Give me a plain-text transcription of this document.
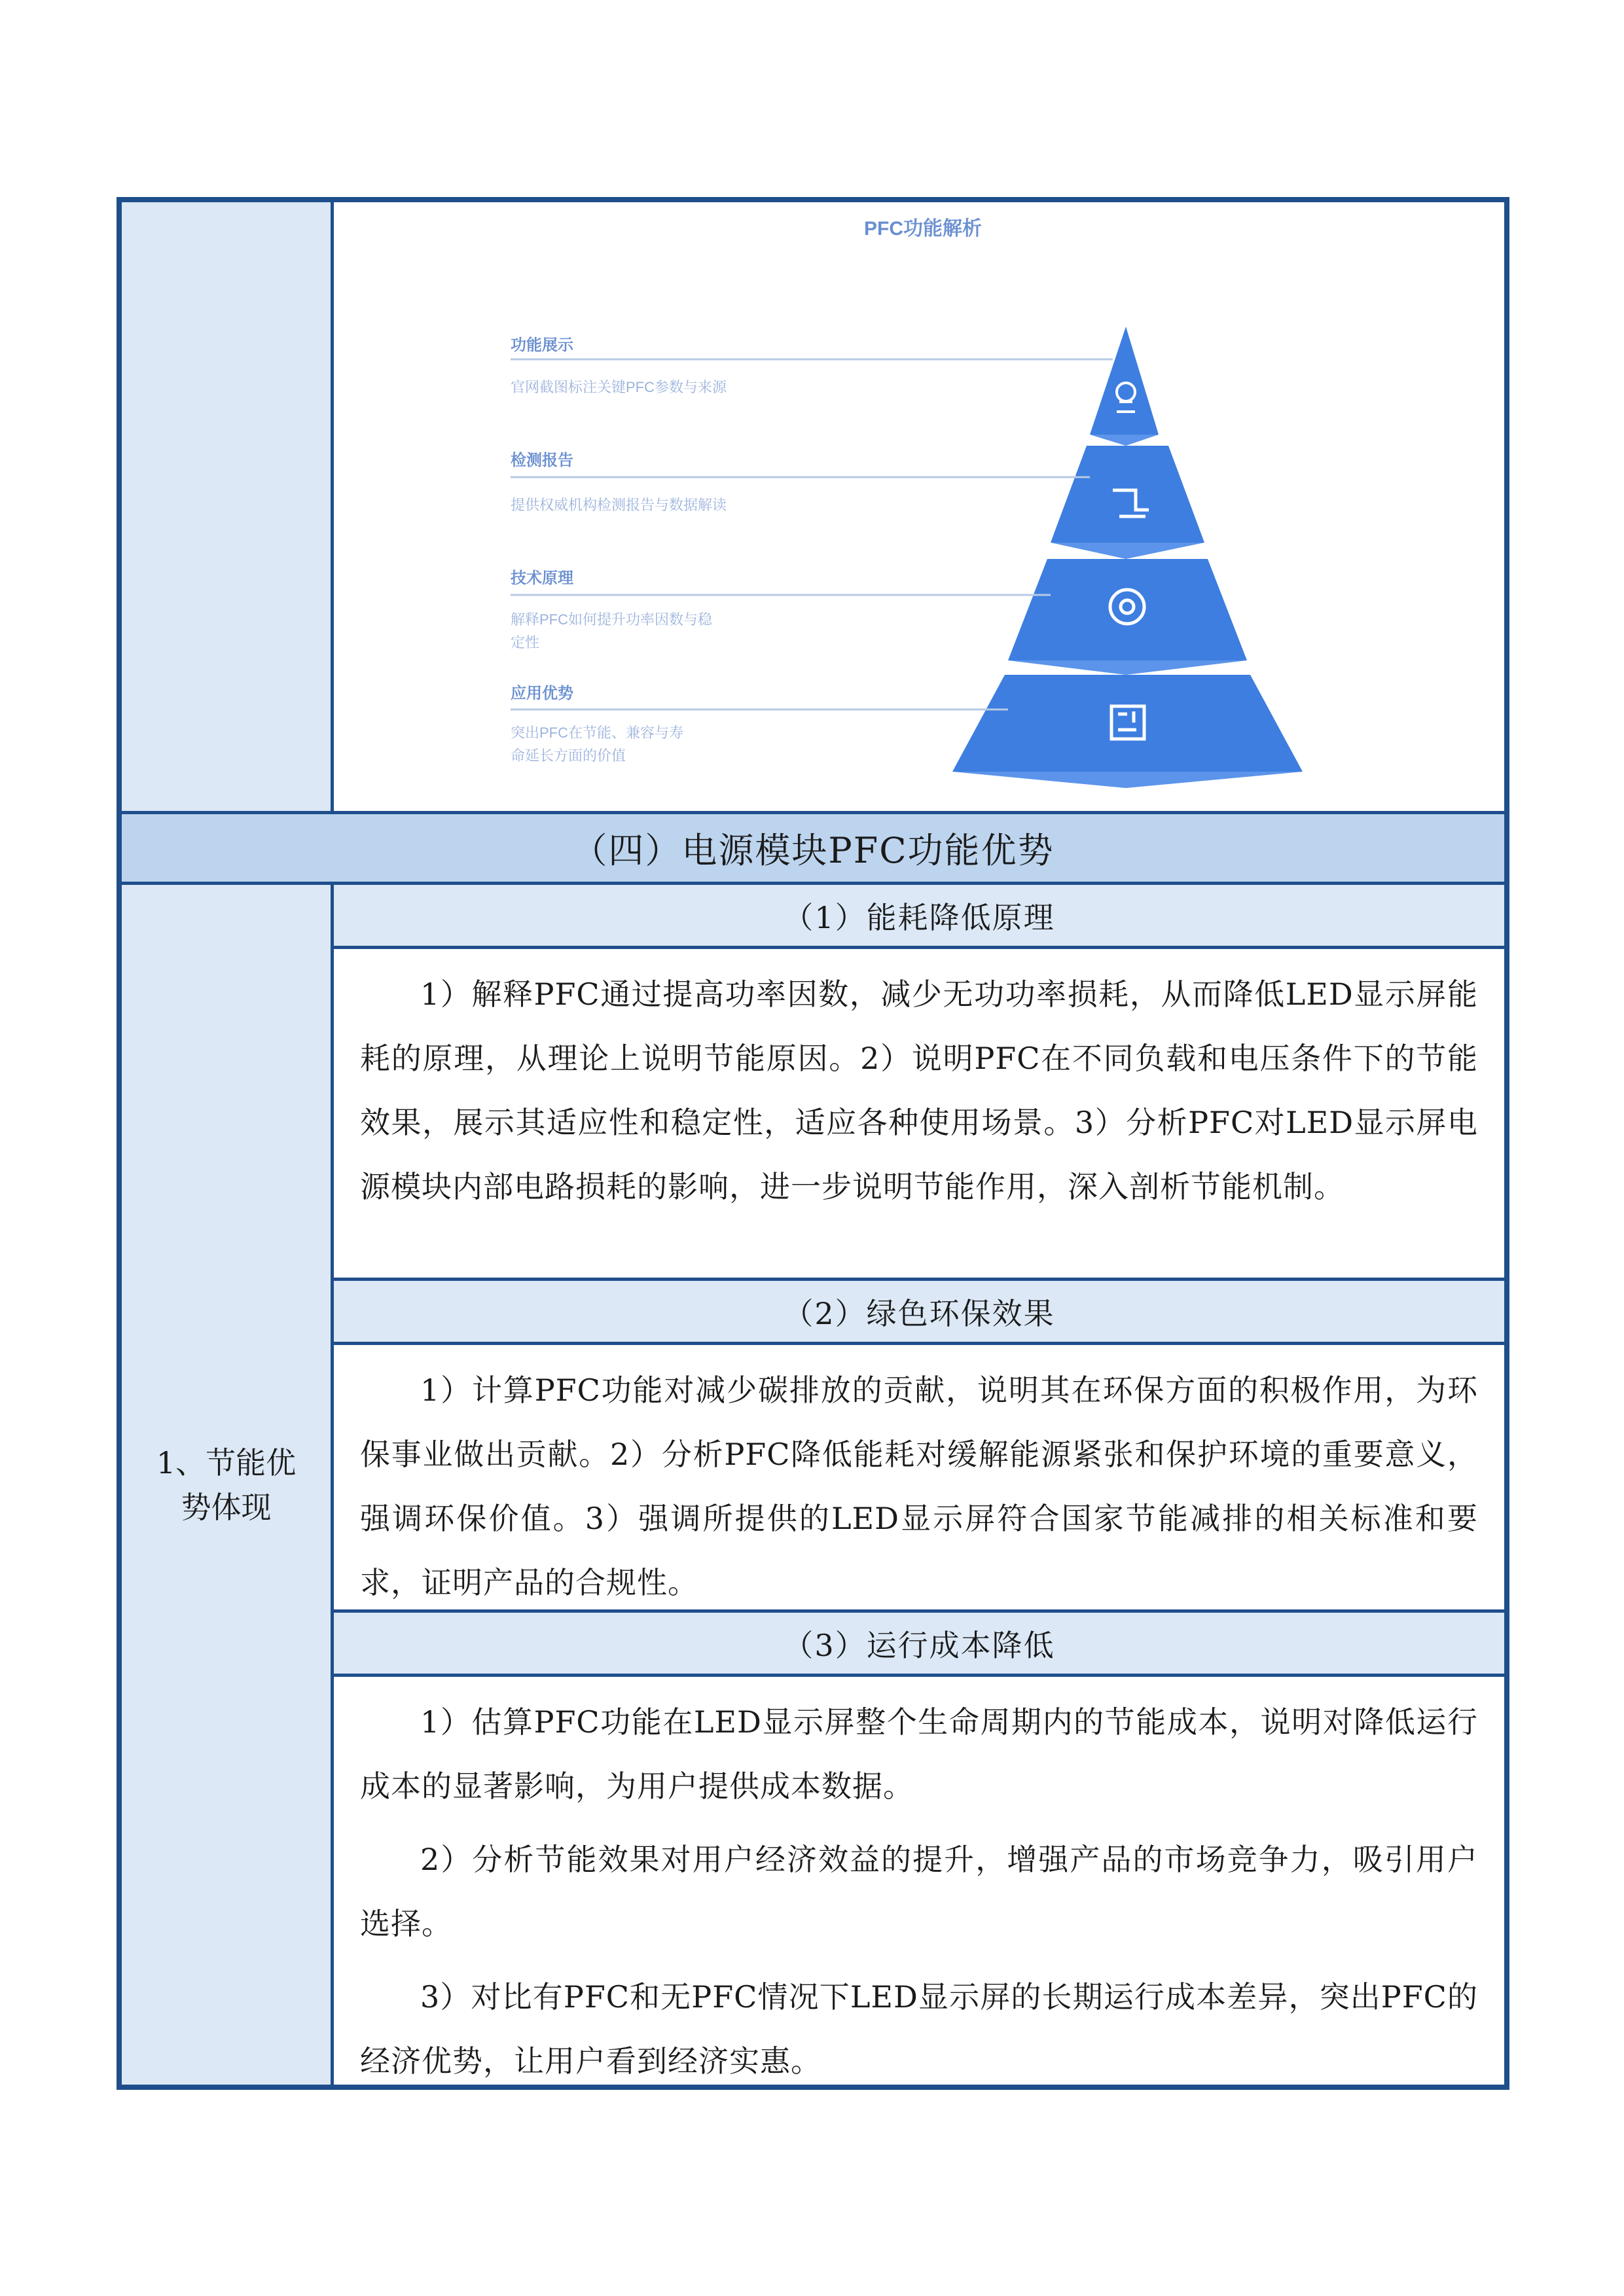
PFC功能解析
功能展示
官网截图标注关键PFC参数与来源
检测报告
提供权威机构检测报告与数据解读
技术原理
解释PFC如何提升功率因数与稳
定性
应用优势
突出PFC在节能、兼容与寿
命延长方面的价值
（四）电源模块PFC功能优势
1、节能优势体现
（1）能耗降低原理

1）解释PFC通过提高功率因数，减少无功功率损耗，从而降低LED显示屏能耗的原理，从理论上说明节能原因。2）说明PFC在不同负载和电压条件下的节能效果，展示其适应性和稳定性，适应各种使用场景。3）分析PFC对LED显示屏电源模块内部电路损耗的影响，进一步说明节能作用，深入剖析节能机制。

（2）绿色环保效果

1）计算PFC功能对减少碳排放的贡献，说明其在环保方面的积极作用，为环保事业做出贡献。2）分析PFC降低能耗对缓解能源紧张和保护环境的重要意义，强调环保价值。3）强调所提供的LED显示屏符合国家节能减排的相关标准和要求，证明产品的合规性。

（3）运行成本降低

1）估算PFC功能在LED显示屏整个生命周期内的节能成本，说明对降低运行成本的显著影响，为用户提供成本数据。

2）分析节能效果对用户经济效益的提升，增强产品的市场竞争力，吸引用户选择。

3）对比有PFC和无PFC情况下LED显示屏的长期运行成本差异，突出PFC的经济优势，让用户看到经济实惠。
